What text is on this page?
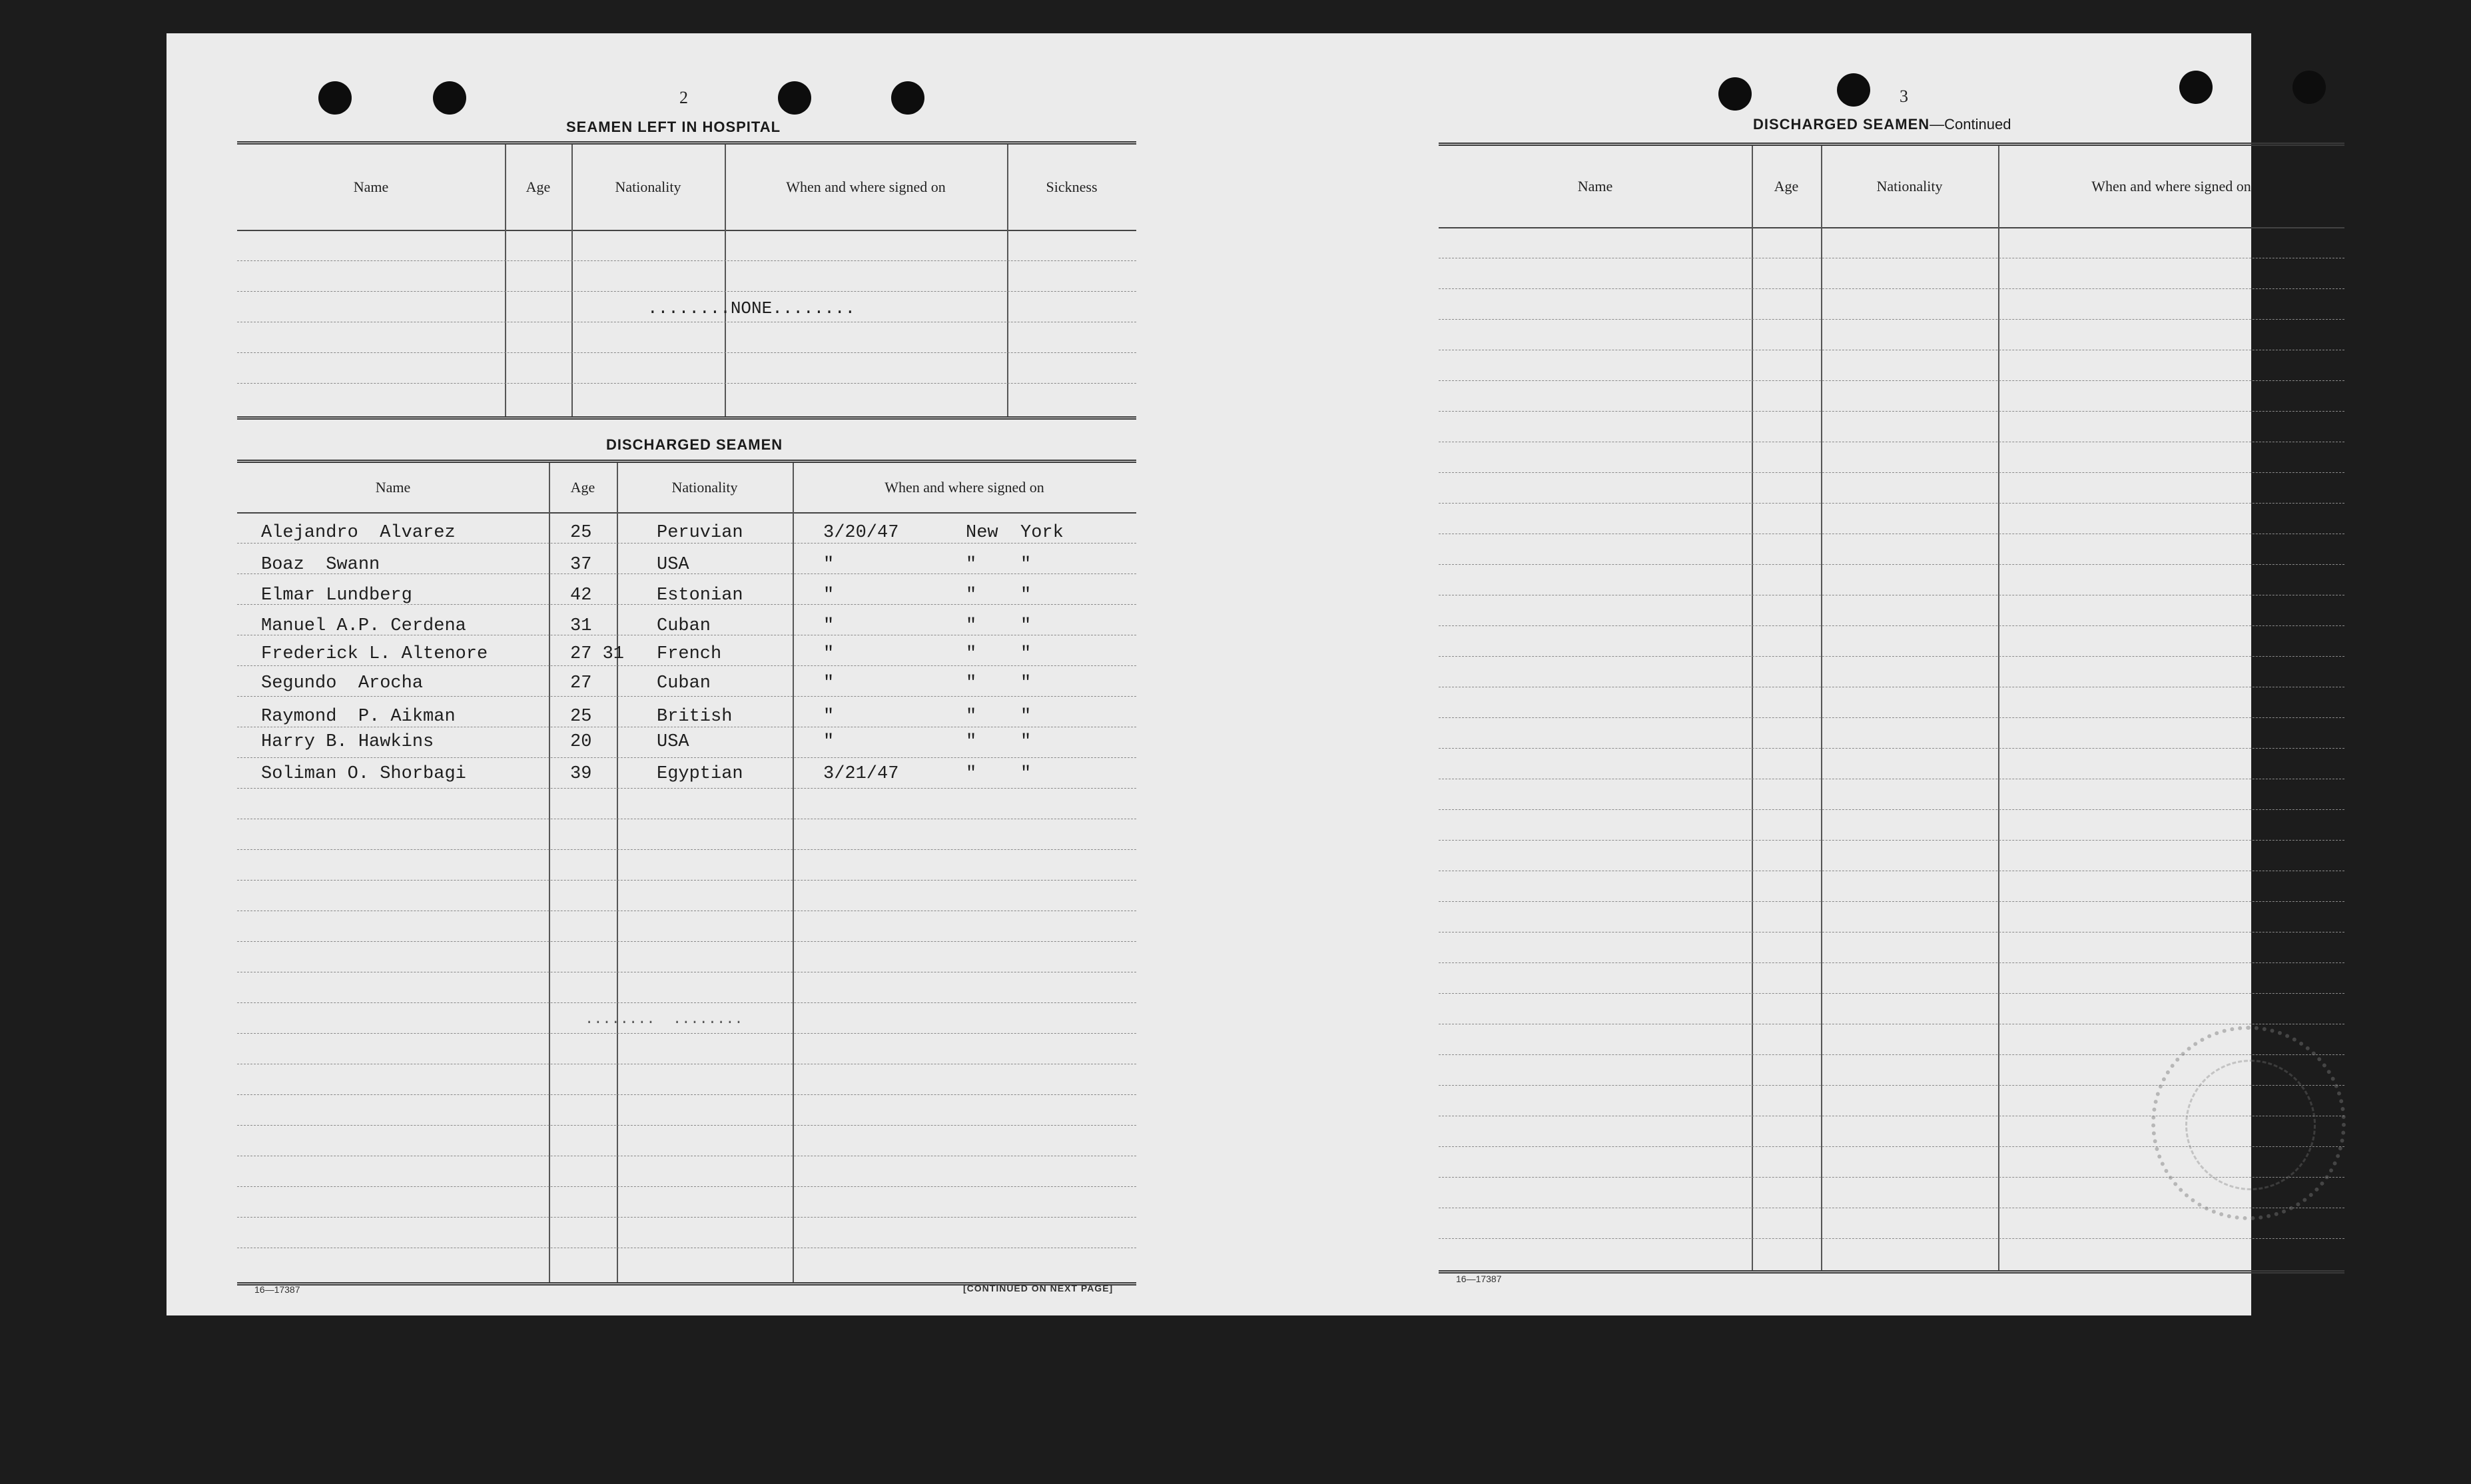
2
SEAMEN LEFT IN HOSPITAL
Name	Age	Nationality	When and where signed on	Sickness
........NONE........
DISCHARGED SEAMEN
Name	Age	Nationality	When and where signed on
Alejandro  Alvarez	25	Peruvian	3/20/47	New York
Boaz  Swann	37	USA	"	" "
Elmar Lundberg	42	Estonian	"	" "
Manuel A.P. Cerdena	31	Cuban	"	" "
Frederick L. Altenore	27 31 French	"	" "
Segundo  Arocha	27	Cuban	"	" "
Raymond  P. Aikman	25	British	"	" "
Harry B. Hawkins	20	USA	"	" "
Soliman O. Shorbagi	39	Egyptian	3/21/47	" "
........  ........
16—17387	[CONTINUED ON NEXT PAGE]
3
DISCHARGED SEAMEN—Continued
Name	Age	Nationality	When and where signed on
16—17387
